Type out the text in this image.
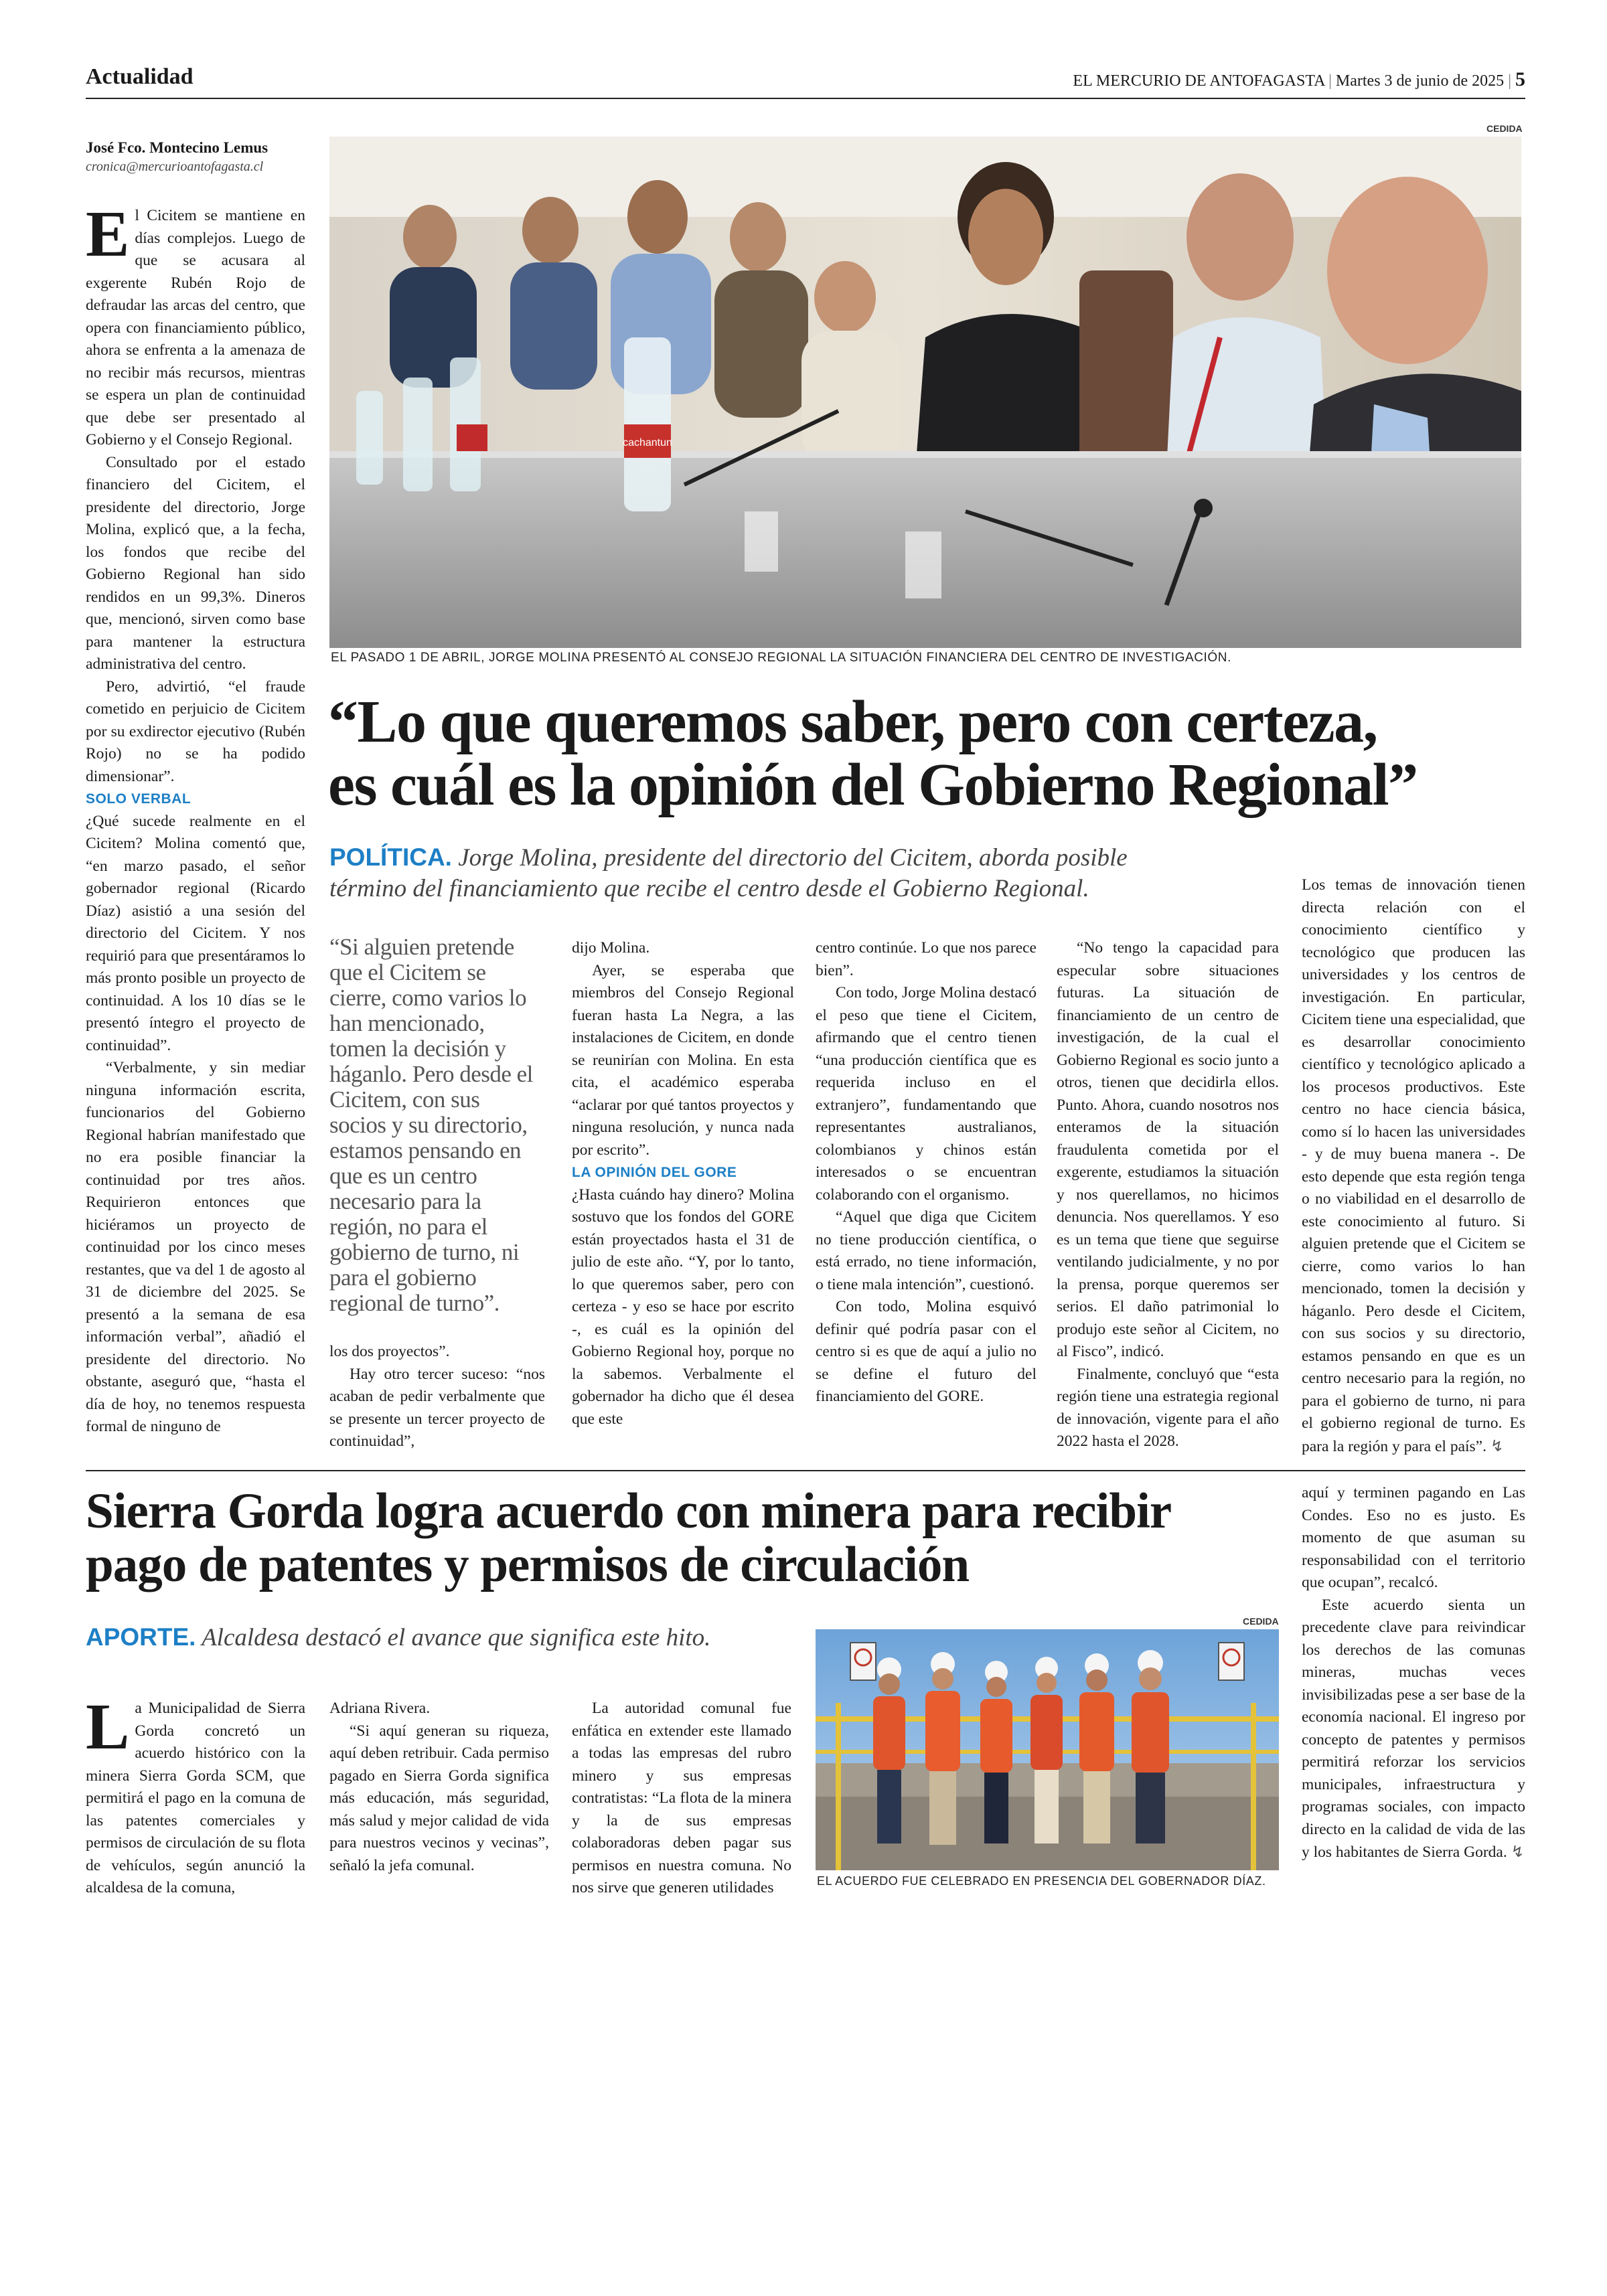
Actualidad	EL MERCURIO DE ANTOFAGASTA | Martes 3 de junio de 2025 | 5
José Fco. Montecino Lemus
cronica@mercurioantofagasta.cl
CEDIDA
cachantun
EL PASADO 1 DE ABRIL, JORGE MOLINA PRESENTÓ AL CONSEJO REGIONAL LA SITUACIÓN FINANCIERA DEL CENTRO DE INVESTIGACIÓN.
“Lo que queremos saber, pero con certeza,
es cuál es la opinión del Gobierno Regional”
POLÍTICA. Jorge Molina, presidente del directorio del Cicitem, aborda posible
término del financiamiento que recibe el centro desde el Gobierno Regional.

El Cicitem se mantiene en días complejos. Luego de que se acusara al exgerente Rubén Rojo de defraudar las arcas del centro, que opera con financiamiento público, ahora se enfrenta a la amenaza de no recibir más recursos, mientras se espera un plan de continuidad que debe ser presentado al Gobierno y el Consejo Regional.

Consultado por el estado financiero del Cicitem, el presidente del directorio, Jorge Molina, explicó que, a la fecha, los fondos que recibe del Gobierno Regional han sido rendidos en un 99,3%. Dineros que, mencionó, sirven como base para mantener la estructura administrativa del centro.

Pero, advirtió, “el fraude cometido en perjuicio de Cicitem por su exdirector ejecutivo (Rubén Rojo) no se ha podido dimensionar”.

SOLO VERBAL

¿Qué sucede realmente en el Cicitem? Molina comentó que, “en marzo pasado, el señor gobernador regional (Ricardo Díaz) asistió a una sesión del directorio del Cicitem. Y nos requirió para que presentáramos lo más pronto posible un proyecto de continuidad. A los 10 días se le presentó íntegro el proyecto de continuidad”.

“Verbalmente, y sin mediar ninguna información escrita, funcionarios del Gobierno Regional habrían manifestado que no era posible financiar la continuidad por tres años. Requirieron entonces que hiciéramos un proyecto de continuidad por los cinco meses restantes, que va del 1 de agosto al 31 de diciembre del 2025. Se presentó a la semana de esa información verbal”, añadió el presidente del directorio. No obstante, aseguró que, “hasta el día de hoy, no tenemos respuesta formal de ninguno de

“Si alguien pretende que el Cicitem se cierre, como varios lo han mencionado, tomen la decisión y háganlo. Pero desde el Cicitem, con sus socios y su directorio, estamos pensando en que es un centro necesario para la región, no para el gobierno de turno, ni para el gobierno regional de turno”.

los dos proyectos”.

Hay otro tercer suceso: “nos acaban de pedir verbalmente que se presente un tercer proyecto de continuidad”,

dijo Molina.

Ayer, se esperaba que miembros del Consejo Regional fueran hasta La Negra, a las instalaciones de Cicitem, en donde se reunirían con Molina. En esta cita, el académico esperaba “aclarar por qué tantos proyectos y ninguna resolución, y nunca nada por escrito”.

LA OPINIÓN DEL GORE

¿Hasta cuándo hay dinero? Molina sostuvo que los fondos del GORE están proyectados hasta el 31 de julio de este año. “Y, por lo tanto, lo que queremos saber, pero con certeza - y eso se hace por escrito -, es cuál es la opinión del Gobierno Regional hoy, porque no la sabemos. Verbalmente el gobernador ha dicho que él desea que este

centro continúe. Lo que nos parece bien”.

Con todo, Jorge Molina destacó el peso que tiene el Cicitem, afirmando que el centro tienen “una producción científica que es requerida incluso en el extranjero”, fundamentando que representantes australianos, colombianos y chinos están interesados o se encuentran colaborando con el organismo.

“Aquel que diga que Cicitem no tiene producción científica, o está errado, no tiene información, o tiene mala intención”, cuestionó.

Con todo, Molina esquivó definir qué podría pasar con el centro si es que de aquí a julio no se define el futuro del financiamiento del GORE.

“No tengo la capacidad para especular sobre situaciones futuras. La situación de financiamiento de un centro de investigación, de la cual el Gobierno Regional es socio junto a otros, tienen que decidirla ellos. Punto. Ahora, cuando nosotros nos enteramos de la situación fraudulenta cometida por el exgerente, estudiamos la situación y nos querellamos, no hicimos denuncia. Nos querellamos. Y eso es un tema que tiene que seguirse ventilando judicialmente, y no por la prensa, porque queremos ser serios. El daño patrimonial lo produjo este señor al Cicitem, no al Fisco”, indicó.

Finalmente, concluyó que “esta región tiene una estrategia regional de innovación, vigente para el año 2022 hasta el 2028.

Los temas de innovación tienen directa relación con el conocimiento científico y tecnológico que producen las universidades y los centros de investigación. En particular, Cicitem tiene una especialidad, que es desarrollar conocimiento científico y tecnológico aplicado a los procesos productivos. Este centro no hace ciencia básica, como sí lo hacen las universidades - y de muy buena manera -. De esto depende que esta región tenga o no viabilidad en el desarrollo de este conocimiento al futuro. Si alguien pretende que el Cicitem se cierre, como varios lo han mencionado, tomen la decisión y háganlo. Pero desde el Cicitem, con sus socios y su directorio, estamos pensando en que es un centro necesario para la región, no para el gobierno de turno, ni para el gobierno regional de turno. Es para la región y para el país”. ↯

Sierra Gorda logra acuerdo con minera para recibir
pago de patentes y permisos de circulación
APORTE. Alcaldesa destacó el avance que significa este hito.

La Municipalidad de Sierra Gorda concretó un acuerdo histórico con la minera Sierra Gorda SCM, que permitirá el pago en la comuna de las patentes comerciales y permisos de circulación de su flota de vehículos, según anunció la alcaldesa de la comuna,

Adriana Rivera.

“Si aquí generan su riqueza, aquí deben retribuir. Cada permiso pagado en Sierra Gorda significa más educación, más seguridad, más salud y mejor calidad de vida para nuestros vecinos y vecinas”, señaló la jefa comunal.

La autoridad comunal fue enfática en extender este llamado a todas las empresas del rubro minero y sus empresas contratistas: “La flota de la minera y la de sus empresas colaboradoras deben pagar sus permisos en nuestra comuna. No nos sirve que generen utilidades

CEDIDA
EL ACUERDO FUE CELEBRADO EN PRESENCIA DEL GOBERNADOR DÍAZ.

aquí y terminen pagando en Las Condes. Eso no es justo. Es momento de que asuman su responsabilidad con el territorio que ocupan”, recalcó.

Este acuerdo sienta un precedente clave para reivindicar los derechos de las comunas mineras, muchas veces invisibilizadas pese a ser base de la economía nacional. El ingreso por concepto de patentes y permisos permitirá reforzar los servicios municipales, infraestructura y programas sociales, con impacto directo en la calidad de vida de las y los habitantes de Sierra Gorda. ↯
